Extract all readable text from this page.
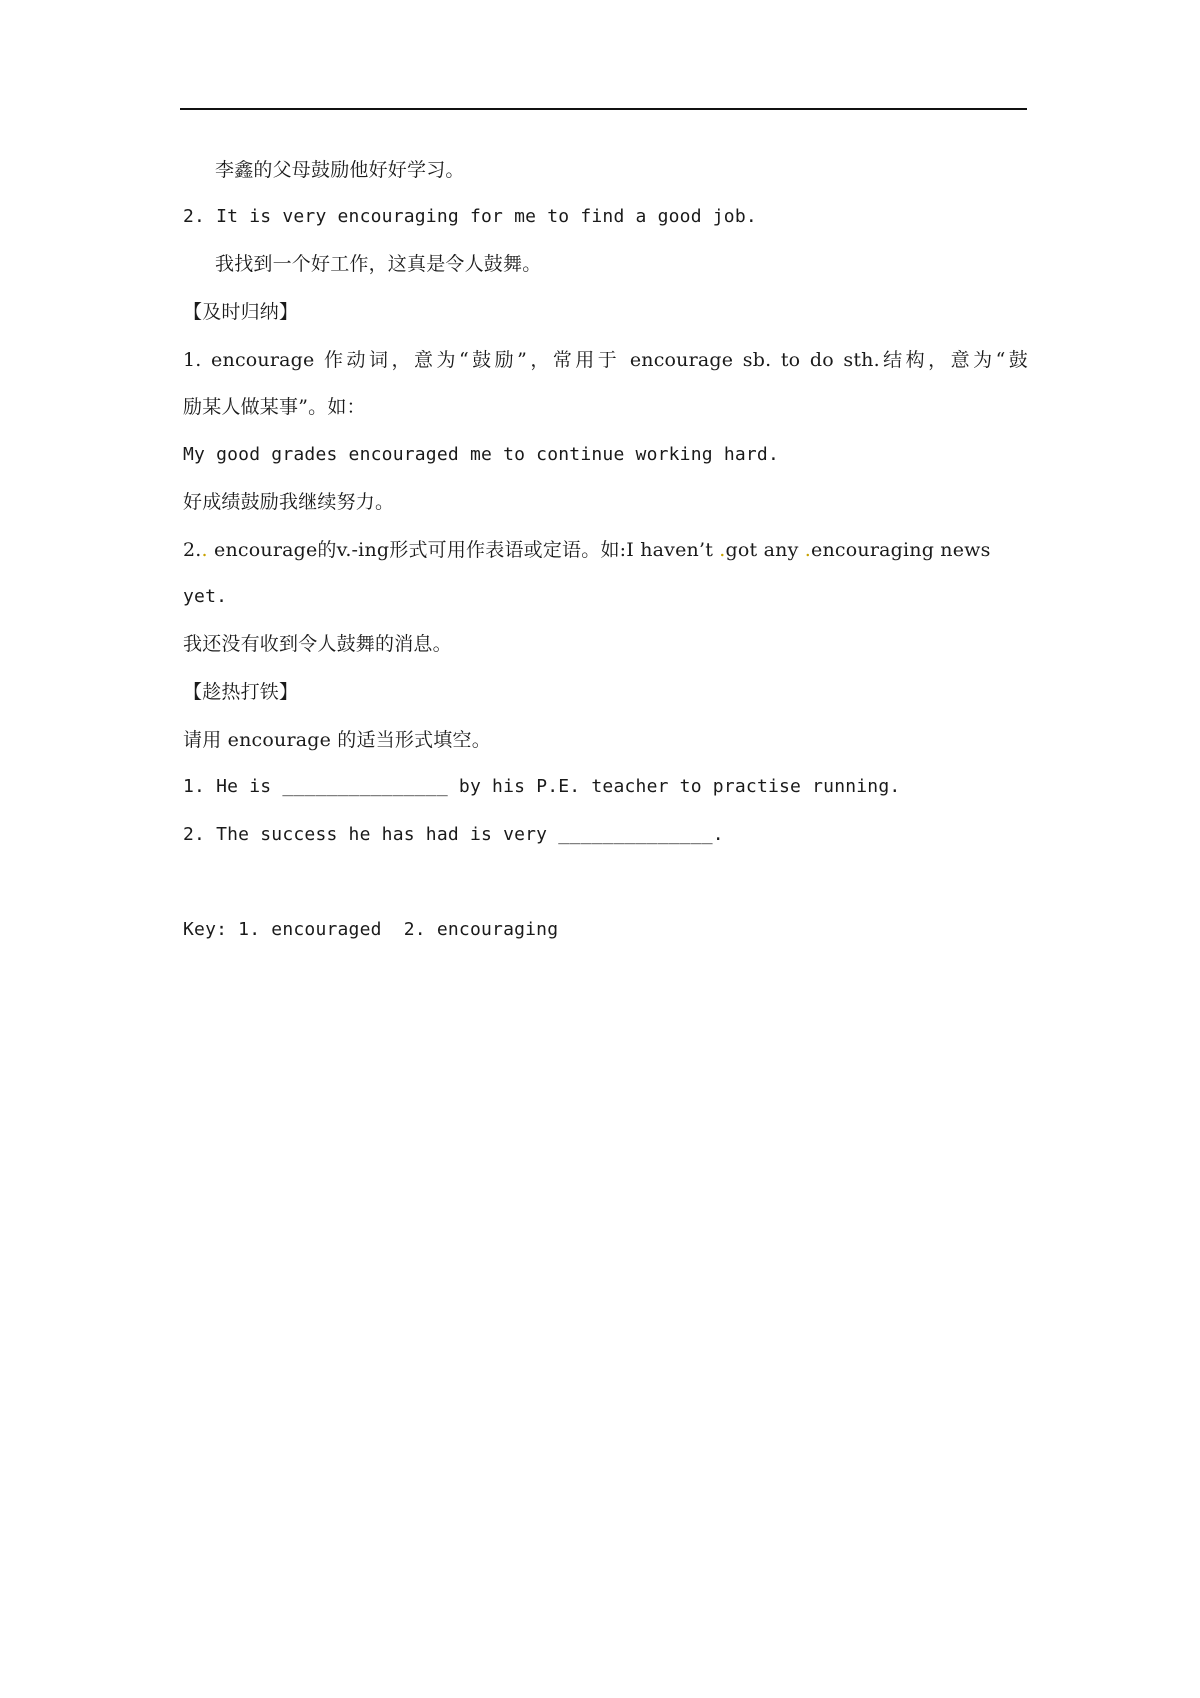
李鑫的父母鼓励他好好学习。
2. It is very encouraging for me to find a good job.
我找到一个好工作，这真是令人鼓舞。
【及时归纳】
1. encourage 作动词，意为“鼓励”，常用于 encourage sb. to do sth.结构，意为“鼓
励某人做某事”。如：
My good grades encouraged me to continue working hard.
好成绩鼓励我继续努力。
2.. encourage的v.-ing形式可用作表语或定语。如:I haven’t .got any .encouraging news
yet.
我还没有收到令人鼓舞的消息。
【趁热打铁】
请用 encourage 的适当形式填空。
1. He is _______________ by his P.E. teacher to practise running.
2. The success he has had is very ______________.
Key: 1. encouraged  2. encouraging
